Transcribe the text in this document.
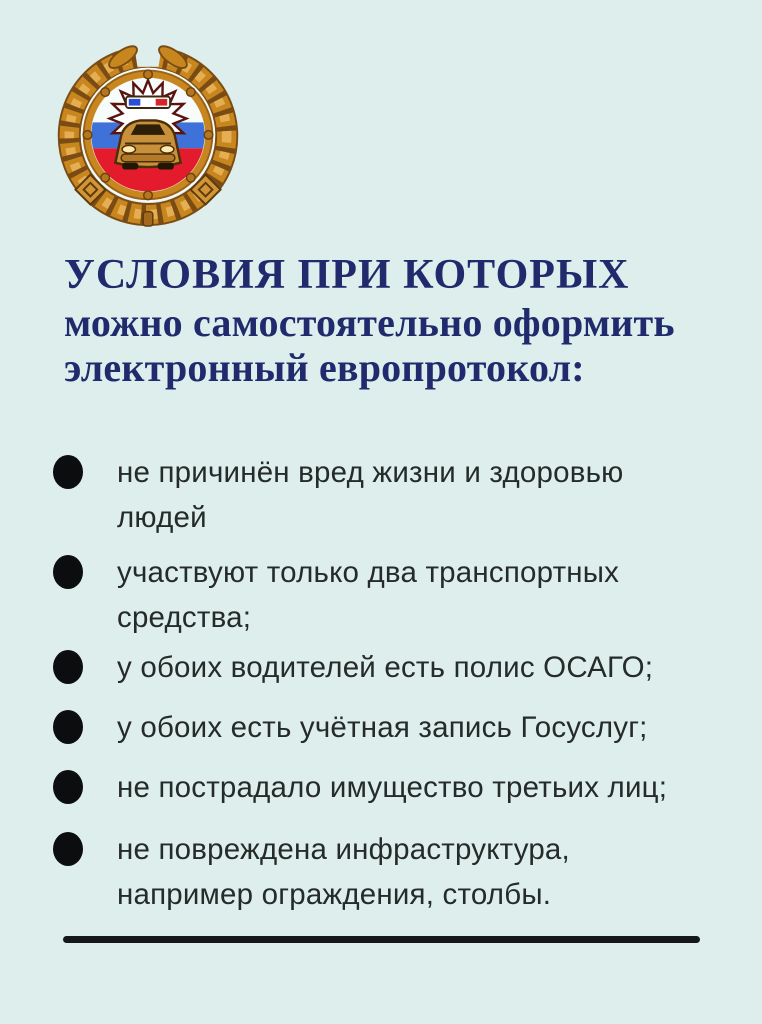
УСЛОВИЯ ПРИ КОТОРЫХ
можно самостоятельно оформить
электронный европротокол:
не причинён вред жизни и здоровью
людей
участвуют только два транспортных
средства;
у обоих водителей есть полис ОСАГО;
у обоих есть учётная запись Госуслуг;
не пострадало имущество третьих лиц;
не повреждена инфраструктура,
например ограждения, столбы.
